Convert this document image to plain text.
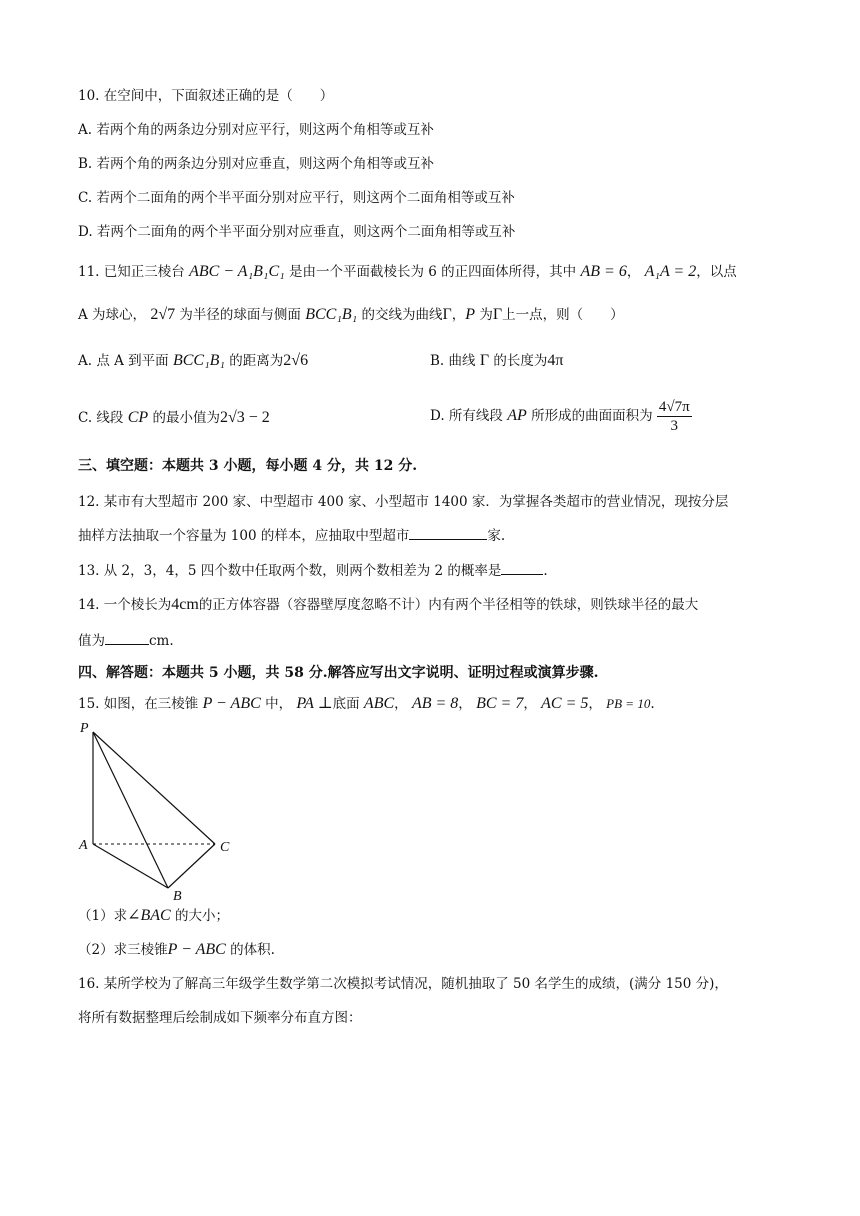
10. 在空间中，下面叙述正确的是（　　）
A. 若两个角的两条边分别对应平行，则这两个角相等或互补
B. 若两个角的两条边分别对应垂直，则这两个角相等或互补
C. 若两个二面角的两个半平面分别对应平行，则这两个二面角相等或互补
D. 若两个二面角的两个半平面分别对应垂直，则这两个二面角相等或互补
11. 已知正三棱台 ABC − A₁B₁C₁ 是由一个平面截棱长为 6 的正四面体所得，其中 AB = 6， A₁A = 2，以点
A 为球心， 2√7 为半径的球面与侧面 BCC₁B₁ 的交线为曲线Γ，P 为Γ上一点，则（　　）
A. 点 A 到平面 BCC₁B₁ 的距离为2√6	B. 曲线 Γ 的长度为4π
C. 线段 CP 的最小值为2√3 − 2	D. 所有线段 AP 所形成的曲面面积为 $\frac{4√7\pi}{3}$
三、填空题：本题共 3 小题，每小题 4 分，共 12 分.
12. 某市有大型超市 200 家、中型超市 400 家、小型超市 1400 家．为掌握各类超市的营业情况，现按分层
抽样方法抽取一个容量为 100 的样本，应抽取中型超市	家.
13. 从 2，3，4，5 四个数中任取两个数，则两个数相差为 2 的概率是	.
14. 一个棱长为4cm的正方体容器（容器壁厚度忽略不计）内有两个半径相等的铁球，则铁球半径的最大
值为	cm.
四、解答题：本题共 5 小题，共 58 分.解答应写出文字说明、证明过程或演算步骤.
15. 如图，在三棱锥 P − ABC 中， PA ⊥底面 ABC， AB = 8， BC = 7， AC = 5， PB = 10.
P
A	C
B
（1）求∠BAC 的大小；
（2）求三棱锥P − ABC 的体积.
16. 某所学校为了解高三年级学生数学第二次模拟考试情况，随机抽取了 50 名学生的成绩，(满分 150 分)，
将所有数据整理后绘制成如下频率分布直方图：
